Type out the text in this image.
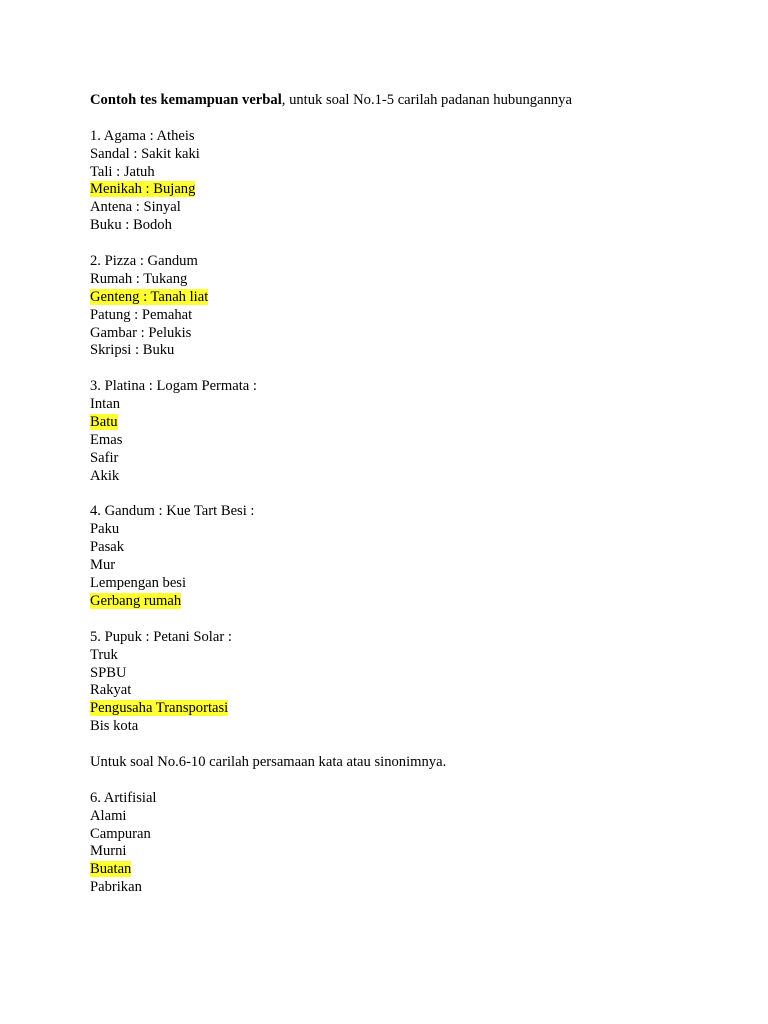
Contoh tes kemampuan verbal, untuk soal No.1-5 carilah padanan hubungannya
1. Agama : Atheis
Sandal : Sakit kaki
Tali : Jatuh
Menikah : Bujang
Antena : Sinyal
Buku : Bodoh
2. Pizza : Gandum
Rumah : Tukang
Genteng : Tanah liat
Patung : Pemahat
Gambar : Pelukis
Skripsi : Buku
3. Platina : Logam Permata :
Intan
Batu
Emas
Safir
Akik
4. Gandum : Kue Tart Besi :
Paku
Pasak
Mur
Lempengan besi
Gerbang rumah
5. Pupuk : Petani Solar :
Truk
SPBU
Rakyat
Pengusaha Transportasi
Bis kota
Untuk soal No.6-10 carilah persamaan kata atau sinonimnya.
6. Artifisial
Alami
Campuran
Murni
Buatan
Pabrikan
